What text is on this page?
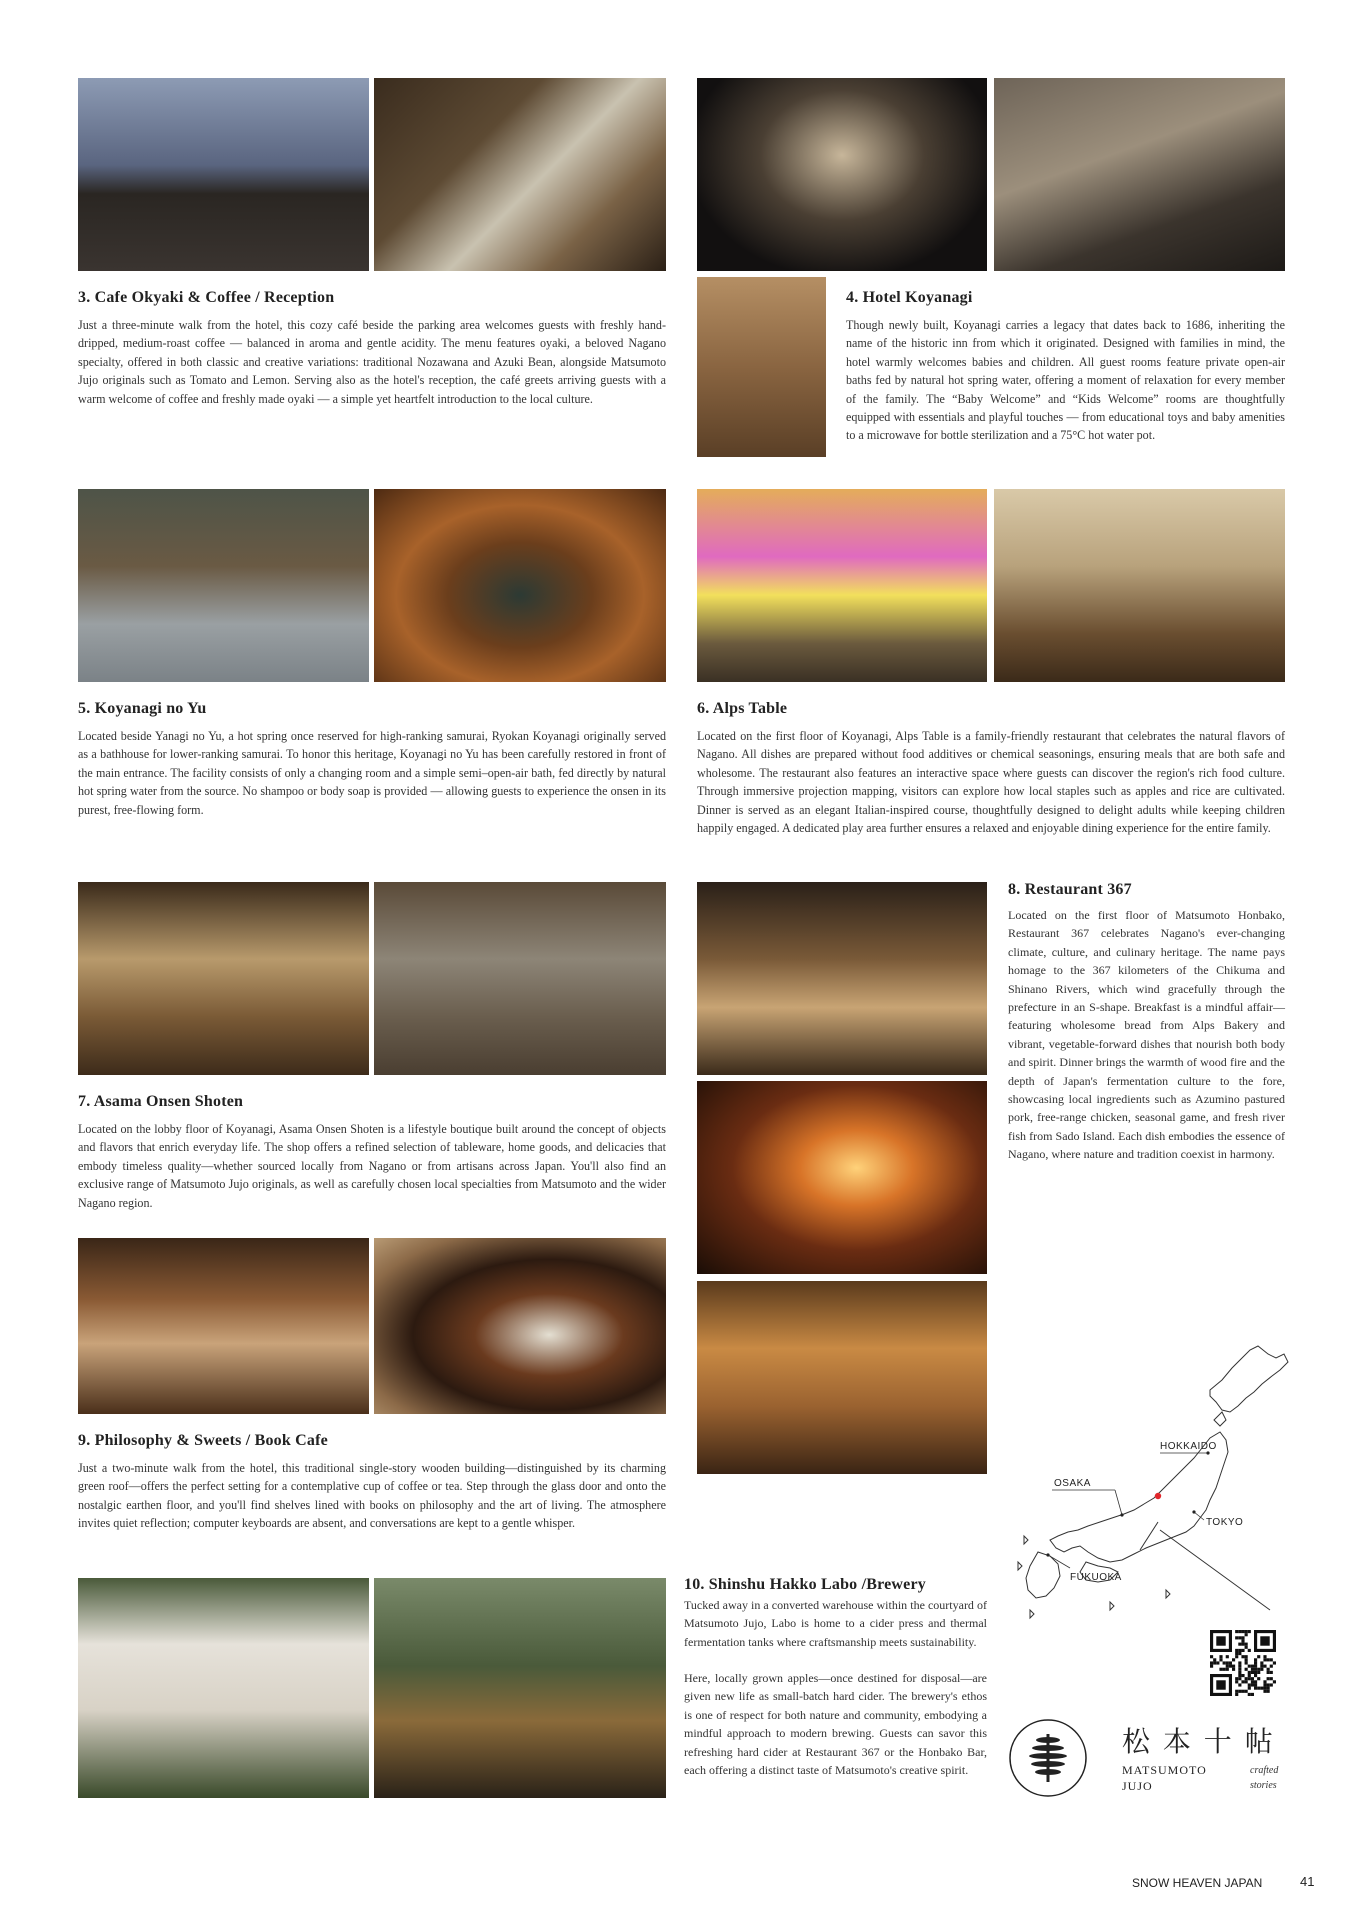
3. Cafe Okyaki & Coffee / Reception

Just a three-minute walk from the hotel, this cozy café beside the parking area welcomes guests with freshly hand-dripped, medium-roast coffee — balanced in aroma and gentle acidity. The menu features oyaki, a beloved Nagano specialty, offered in both classic and creative variations: traditional Nozawana and Azuki Bean, alongside Matsumoto Jujo originals such as Tomato and Lemon. Serving also as the hotel's reception, the café greets arriving guests with a warm welcome of coffee and freshly made oyaki — a simple yet heartfelt introduction to the local culture.

4. Hotel Koyanagi

Though newly built, Koyanagi carries a legacy that dates back to 1686, inheriting the name of the historic inn from which it originated. Designed with families in mind, the hotel warmly welcomes babies and children. All guest rooms feature private open-air baths fed by natural hot spring water, offering a moment of relaxation for every member of the family. The “Baby Welcome” and “Kids Welcome” rooms are thoughtfully equipped with essentials and playful touches — from educational toys and baby amenities to a microwave for bottle sterilization and a 75°C hot water pot.

5. Koyanagi no Yu

Located beside Yanagi no Yu, a hot spring once reserved for high-ranking samurai, Ryokan Koyanagi originally served as a bathhouse for lower-ranking samurai. To honor this heritage, Koyanagi no Yu has been carefully restored in front of the main entrance. The facility consists of only a changing room and a simple semi–open-air bath, fed directly by natural hot spring water from the source. No shampoo or body soap is provided — allowing guests to experience the onsen in its purest, free-flowing form.

6. Alps Table

Located on the first floor of Koyanagi, Alps Table is a family-friendly restaurant that celebrates the natural flavors of Nagano. All dishes are prepared without food additives or chemical seasonings, ensuring meals that are both safe and wholesome. The restaurant also features an interactive space where guests can discover the region's rich food culture. Through immersive projection mapping, visitors can explore how local staples such as apples and rice are cultivated. Dinner is served as an elegant Italian-inspired course, thoughtfully designed to delight adults while keeping children happily engaged. A dedicated play area further ensures a relaxed and enjoyable dining experience for the entire family.

7. Asama Onsen Shoten

Located on the lobby floor of Koyanagi, Asama Onsen Shoten is a lifestyle boutique built around the concept of objects and flavors that enrich everyday life. The shop offers a refined selection of tableware, home goods, and delicacies that embody timeless quality—whether sourced locally from Nagano or from artisans across Japan. You'll also find an exclusive range of Matsumoto Jujo originals, as well as carefully chosen local specialties from Matsumoto and the wider Nagano region.

8. Restaurant 367

Located on the first floor of Matsumoto Honbako, Restaurant 367 celebrates Nagano's ever-changing climate, culture, and culinary heritage. The name pays homage to the 367 kilometers of the Chikuma and Shinano Rivers, which wind gracefully through the prefecture in an S-shape. Breakfast is a mindful affair—featuring wholesome bread from Alps Bakery and vibrant, vegetable-forward dishes that nourish both body and spirit. Dinner brings the warmth of wood fire and the depth of Japan's fermentation culture to the fore, showcasing local ingredients such as Azumino pastured pork, free-range chicken, seasonal game, and fresh river fish from Sado Island. Each dish embodies the essence of Nagano, where nature and tradition coexist in harmony.

9. Philosophy & Sweets / Book Cafe

Just a two-minute walk from the hotel, this traditional single-story wooden building—distinguished by its charming green roof—offers the perfect setting for a contemplative cup of coffee or tea. Step through the glass door and onto the nostalgic earthen floor, and you'll find shelves lined with books on philosophy and the art of living. The atmosphere invites quiet reflection; computer keyboards are absent, and conversations are kept to a gentle whisper.

10. Shinshu Hakko Labo /Brewery

Tucked away in a converted warehouse within the courtyard of Matsumoto Jujo, Labo is home to a cider press and thermal fermentation tanks where craftsmanship meets sustainability.

Here, locally grown apples—once destined for disposal—are given new life as small-batch hard cider. The brewery's ethos is one of respect for both nature and community, embodying a mindful approach to modern brewing. Guests can savor this refreshing hard cider at Restaurant 367 or the Honbako Bar, each offering a distinct taste of Matsumoto's creative spirit.

HOKKAIDO
OSAKA
TOKYO
FUKUOKA
松 本 十 帖
MATSUMOTO
JUJO
crafted
stories
SNOW HEAVEN JAPAN	41
